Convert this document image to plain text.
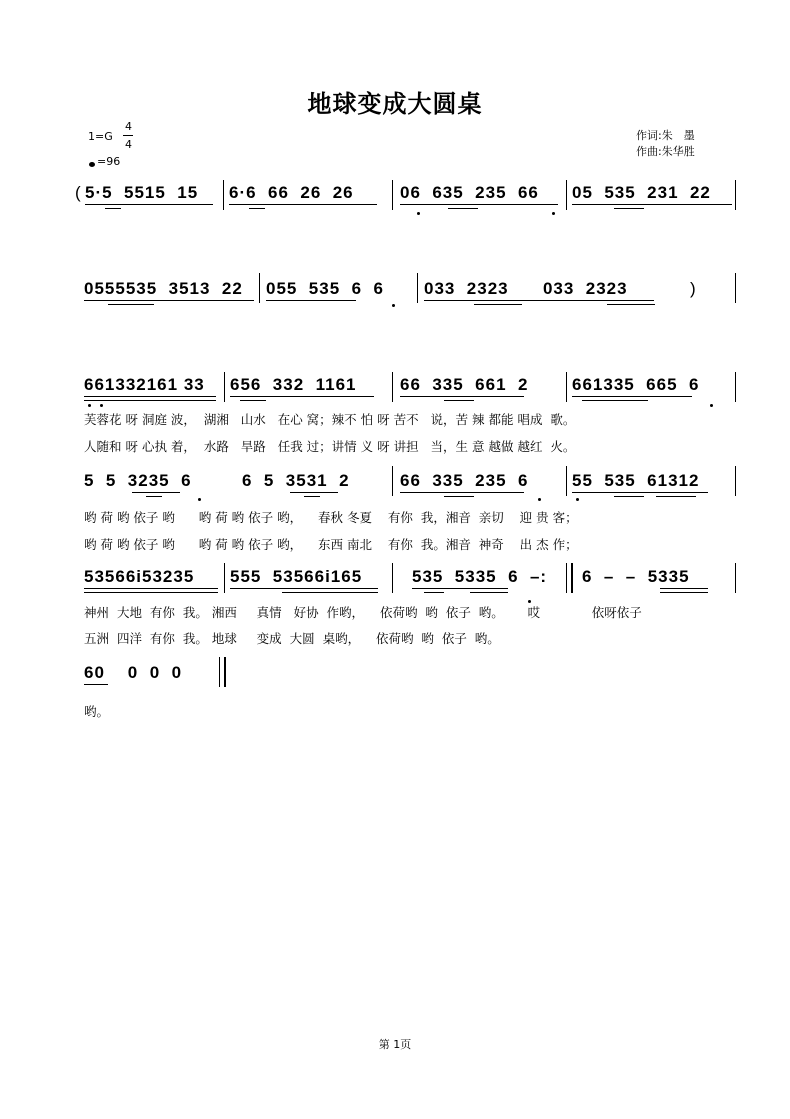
地球变成大圆桌
1=G
4
4
=96
作词:朱　墨
作曲:朱华胜
( 5·5  5515  15 6·6  66  26  26	06  635  235  66 05  535  231  22
0555535  3513  22 055  535  6  6 033  2323      033  2323	)
661332161 33 656  332  1161	66  335  661  2	661335  665  6
芙蓉花 呀 洞庭 波，  湖湘   山水   在心 窝；辣不 怕 呀 苦不   说，苦 辣 都能 唱成  歌。
人随和 呀 心执 着，  水路   旱路   任我 过；讲情 义 呀 讲担   当，生 意 越做 越红  火。
5  5  3235  6	6  5  3531  2	66  335  235  6	55  535  61312
哟 荷 哟 依子 哟      哟 荷 哟 依子 哟，    春秋 冬夏    有你  我，湘音  亲切    迎 贵 客；
哟 荷 哟 依子 哟      哟 荷 哟 依子 哟，    东西 南北    有你  我。湘音  神奇    出 杰 作；
53566i53235 555  53566i165	535  5335  6  –: 6  –  –  5335
神州  大地  有你  我。 湘西     真情   好协  作哟，    依荷哟  哟  依子  哟。      哎             依呀依子
五洲  四洋  有你  我。 地球     变成  大圆  桌哟，    依荷哟  哟  依子  哟。
60    0  0  0
哟。
第 1页
